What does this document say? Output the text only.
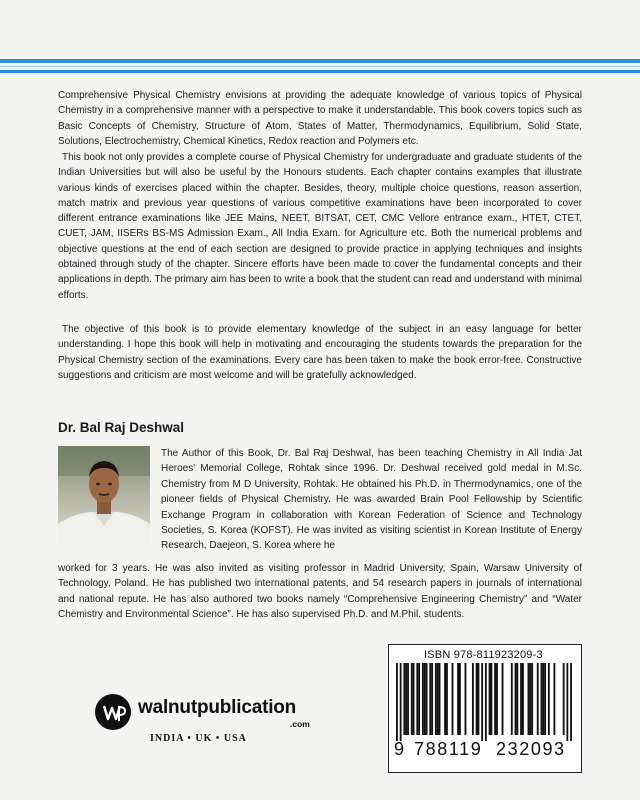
Comprehensive Physical Chemistry envisions at providing the adequate knowledge of various topics of Physical Chemistry in a comprehensive manner with a perspective to make it understandable. This book covers topics such as Basic Concepts of Chemistry, Structure of Atom, States of Matter, Thermodynamics, Equilibrium, Solid State, Solutions, Electrochemistry, Chemical Kinetics, Redox reaction and Polymers etc.

This book not only provides a complete course of Physical Chemistry for undergraduate and graduate students of the Indian Universities but will also be useful by the Honours students. Each chapter contains examples that illustrate various kinds of exercises placed within the chapter. Besides, theory, multiple choice questions, reason assertion, match matrix and previous year questions of various competitive examinations have been incorporated to cover different entrance examinations like JEE Mains, NEET, BITSAT, CET, CMC Vellore entrance exam., HTET, CTET, CUET, JAM, IISERs BS-MS Admission Exam., All India Exam. for Agriculture etc. Both the numerical problems and objective questions at the end of each section are designed to provide practice in applying techniques and insights obtained through study of the chapter. Sincere efforts have been made to cover the fundamental concepts and their applications in depth. The primary aim has been to write a book that the student can read and understand with minimal efforts.

The objective of this book is to provide elementary knowledge of the subject in an easy language for better understanding. I hope this book will help in motivating and encouraging the students towards the preparation for the Physical Chemistry section of the examinations. Every care has been taken to make the book error-free. Constructive suggestions and criticism are most welcome and will be gratefully acknowledged.

Dr. Bal Raj Deshwal

The Author of this Book, Dr. Bal Raj Deshwal, has been teaching Chemistry in All India Jat Heroes' Memorial College, Rohtak since 1996. Dr. Deshwal received gold medal in M.Sc. Chemistry from M D University, Rohtak. He obtained his Ph.D. in Thermodynamics, one of the pioneer fields of Physical Chemistry. He was awarded Brain Pool Fellowship by Scientific Exchange Program in collaboration with Korean Federation of Science and Technology Societies, S. Korea (KOFST). He was invited as visiting scientist in Korean Institute of Energy Research, Daejeon, S. Korea where he

worked for 3 years. He was also invited as visiting professor in Madrid University, Spain, Warsaw University of Technology, Poland. He has published two international patents, and 54 research papers in journals of international and national repute. He has also authored two books namely “Comprehensive Engineering Chemistry” and “Water Chemistry and Environmental Science”. He has also supervised Ph.D. and M.Phil. students.

walnutpublication
.com
INDIA • UK • USA
ISBN 978-811923209-3
9 788119 232093
